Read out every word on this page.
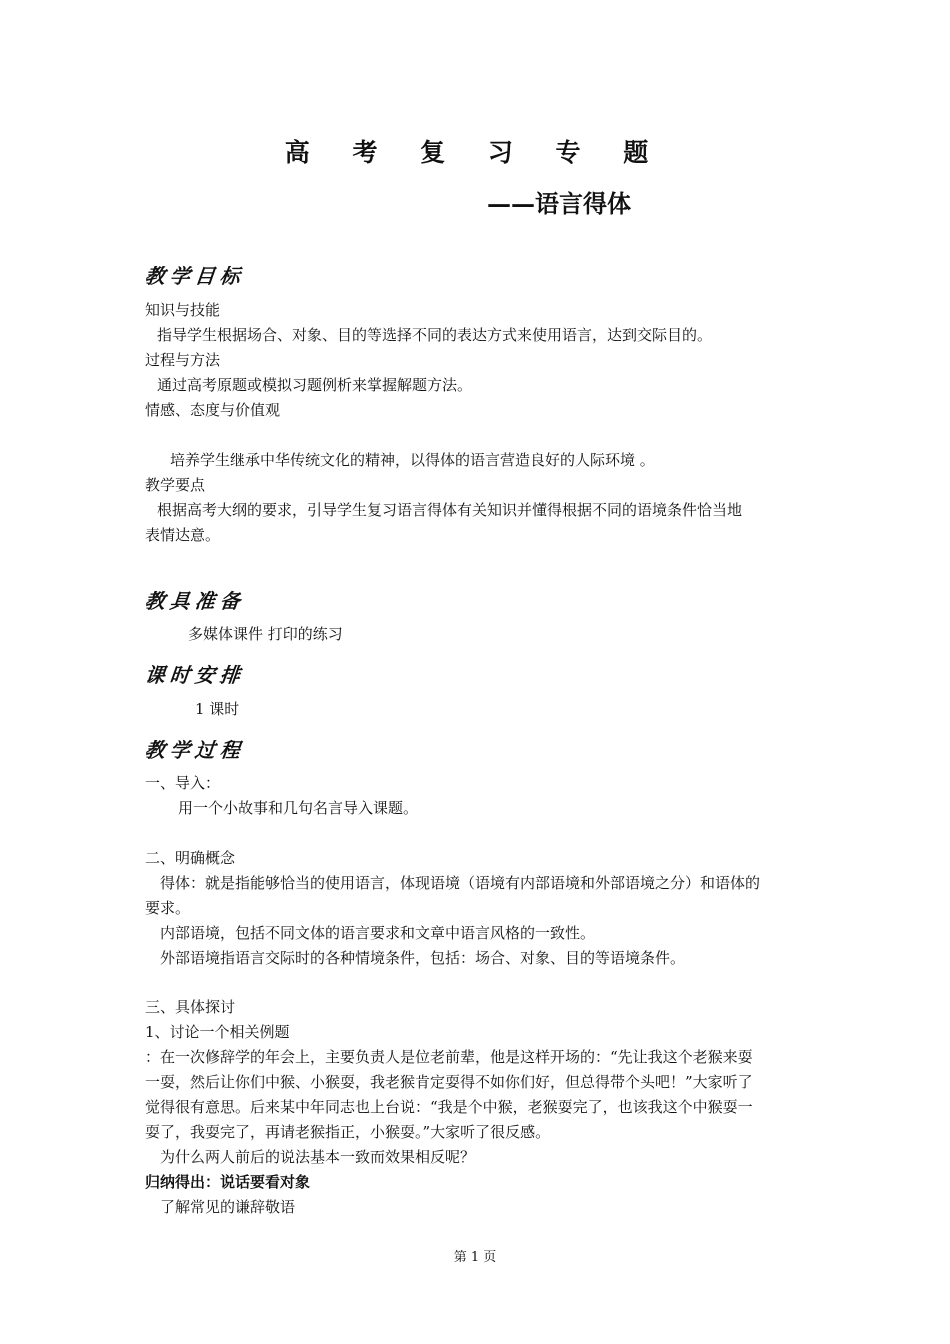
高 考 复 习 专 题
——语言得体
教学目标
知识与技能
指导学生根据场合、对象、目的等选择不同的表达方式来使用语言，达到交际目的。
过程与方法
通过高考原题或模拟习题例析来掌握解题方法。
情感、态度与价值观
培养学生继承中华传统文化的精神，以得体的语言营造良好的人际环境 。
教学要点
根据高考大纲的要求，引导学生复习语言得体有关知识并懂得根据不同的语境条件恰当地
表情达意。
教具准备
多媒体课件 打印的练习
课时安排
1 课时
教学过程
一、导入：
用一个小故事和几句名言导入课题。
二、明确概念
得体：就是指能够恰当的使用语言，体现语境（语境有内部语境和外部语境之分）和语体的
要求。
内部语境，包括不同文体的语言要求和文章中语言风格的一致性。
外部语境指语言交际时的各种情境条件，包括：场合、对象、目的等语境条件。
三、具体探讨
1、讨论一个相关例题
：在一次修辞学的年会上，主要负责人是位老前辈，他是这样开场的：“先让我这个老猴来耍
一耍，然后让你们中猴、小猴耍，我老猴肯定耍得不如你们好，但总得带个头吧！”大家听了
觉得很有意思。后来某中年同志也上台说：“我是个中猴，老猴耍完了，也该我这个中猴耍一
耍了，我耍完了，再请老猴指正，小猴耍。”大家听了很反感。
为什么两人前后的说法基本一致而效果相反呢？
归纳得出：说话要看对象
了解常见的谦辞敬语
第 1 页
